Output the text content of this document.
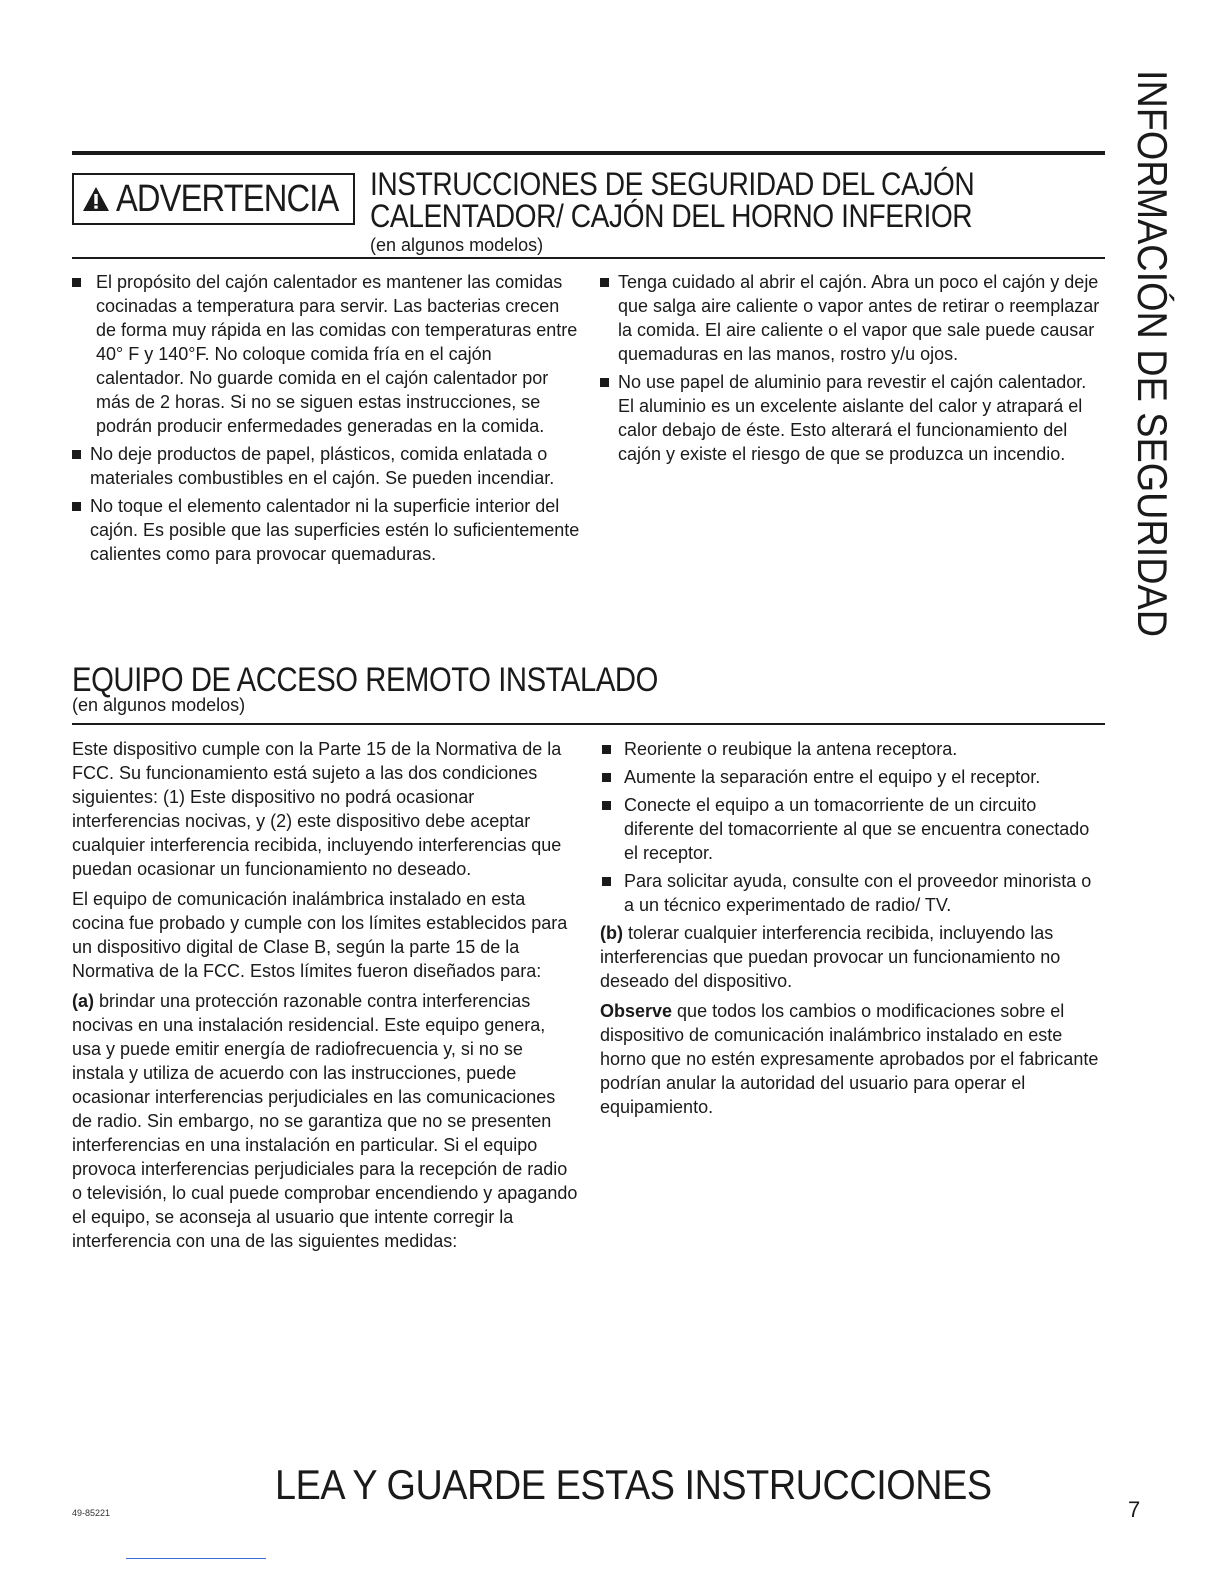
INFORMACIÓN DE SEGURIDAD
ADVERTENCIA INSTRUCCIONES DE SEGURIDAD DEL CAJÓN
CALENTADOR/ CAJÓN DEL HORNO INFERIOR
(en algunos modelos)
El propósito del cajón calentador es mantener las comidas cocinadas a temperatura para servir. Las bacterias crecen de forma muy rápida en las comidas con temperaturas entre 40° F y 140°F. No coloque comida fría en el cajón calentador. No guarde comida en el cajón calentador por más de 2 horas. Si no se siguen estas instrucciones, se podrán producir enfermedades generadas en la comida.
No deje productos de papel, plásticos, comida enlatada o materiales combustibles en el cajón. Se pueden incendiar.
No toque el elemento calentador ni la superficie interior del cajón. Es posible que las superficies estén lo suficientemente calientes como para provocar quemaduras.
Tenga cuidado al abrir el cajón. Abra un poco el cajón y deje que salga aire caliente o vapor antes de retirar o reemplazar la comida. El aire caliente o el vapor que sale puede causar quemaduras en las manos, rostro y/u ojos.
No use papel de aluminio para revestir el cajón calentador. El aluminio es un excelente aislante del calor y atrapará el calor debajo de éste. Esto alterará el funcionamiento del cajón y existe el riesgo de que se produzca un incendio.
EQUIPO DE ACCESO REMOTO INSTALADO
(en algunos modelos)

Este dispositivo cumple con la Parte 15 de la Normativa de la FCC. Su funcionamiento está sujeto a las dos condiciones siguientes: (1) Este dispositivo no podrá ocasionar interferencias nocivas, y (2) este dispositivo debe aceptar cualquier interferencia recibida, incluyendo interferencias que puedan ocasionar un funcionamiento no deseado.

El equipo de comunicación inalámbrica instalado en esta cocina fue probado y cumple con los límites establecidos para un dispositivo digital de Clase B, según la parte 15 de la Normativa de la FCC. Estos límites fueron diseñados para:

(a) brindar una protección razonable contra interferencias nocivas en una instalación residencial. Este equipo genera, usa y puede emitir energía de radiofrecuencia y, si no se instala y utiliza de acuerdo con las instrucciones, puede ocasionar interferencias perjudiciales en las comunicaciones de radio. Sin embargo, no se garantiza que no se presenten interferencias en una instalación en particular. Si el equipo provoca interferencias perjudiciales para la recepción de radio o televisión, lo cual puede comprobar encendiendo y apagando el equipo, se aconseja al usuario que intente corregir la interferencia con una de las siguientes medidas:

Reoriente o reubique la antena receptora.
Aumente la separación entre el equipo y el receptor.
Conecte el equipo a un tomacorriente de un circuito diferente del tomacorriente al que se encuentra conectado el receptor.
Para solicitar ayuda, consulte con el proveedor minorista o a un técnico experimentado de radio/ TV.

(b) tolerar cualquier interferencia recibida, incluyendo las interferencias que puedan provocar un funcionamiento no deseado del dispositivo.

Observe que todos los cambios o modificaciones sobre el dispositivo de comunicación inalámbrico instalado en este horno que no estén expresamente aprobados por el fabricante podrían anular la autoridad del usuario para operar el equipamiento.

LEA Y GUARDE ESTAS INSTRUCCIONES
49-85221	7
